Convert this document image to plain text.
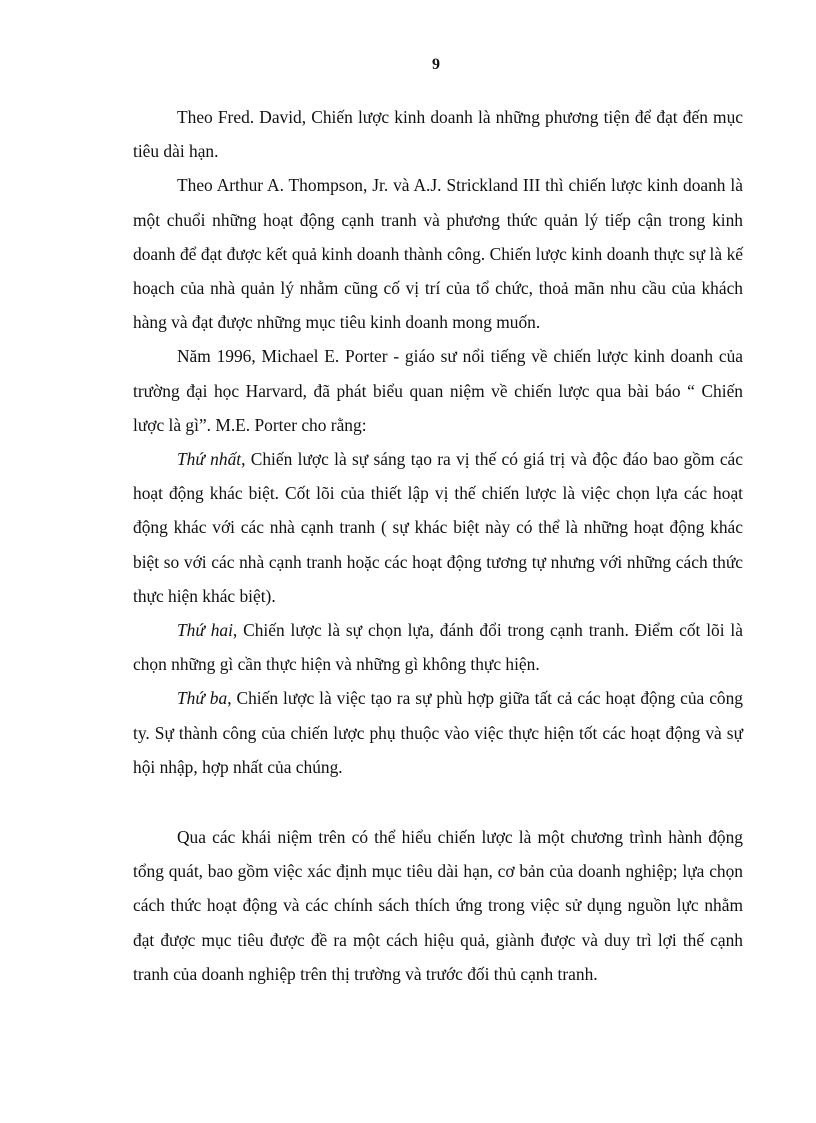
9

Theo Fred. David, Chiến lược kinh doanh là những phương tiện để đạt đến mục tiêu dài hạn.

Theo Arthur A. Thompson, Jr. và A.J. Strickland III thì chiến lược kinh doanh là một chuổi những hoạt động cạnh tranh và phương thức quản lý tiếp cận trong kinh doanh để đạt được kết quả kinh doanh thành công. Chiến lược kinh doanh thực sự là kế hoạch của nhà quản lý nhằm cũng cố vị trí của tổ chức, thoả mãn nhu cầu của khách hàng và đạt được những mục tiêu kinh doanh mong muốn.

Năm 1996, Michael E. Porter - giáo sư nổi tiếng về chiến lược kinh doanh của trường đại học Harvard, đã phát biểu quan niệm về chiến lược qua bài báo “ Chiến lược là gì”. M.E. Porter cho rằng:

Thứ nhất, Chiến lược là sự sáng tạo ra vị thế có giá trị và độc đáo bao gồm các hoạt động khác biệt. Cốt lõi của thiết lập vị thế chiến lược là việc chọn lựa các hoạt động khác với các nhà cạnh tranh ( sự khác biệt này có thể là những hoạt động khác biệt so với các nhà cạnh tranh hoặc các hoạt động tương tự nhưng với những cách thức thực hiện khác biệt).

Thứ hai, Chiến lược là sự chọn lựa, đánh đổi trong cạnh tranh. Điểm cốt lõi là chọn những gì cần thực hiện và những gì không thực hiện.

Thứ ba, Chiến lược là việc tạo ra sự phù hợp giữa tất cả các hoạt động của công ty. Sự thành công của chiến lược phụ thuộc vào việc thực hiện tốt các hoạt động và sự hội nhập, hợp nhất của chúng.

Qua các khái niệm trên có thể hiểu chiến lược là một chương trình hành động tổng quát, bao gồm việc xác định mục tiêu dài hạn, cơ bản của doanh nghiệp; lựa chọn cách thức hoạt động và các chính sách thích ứng trong việc sử dụng nguồn lực nhằm đạt được mục tiêu được đề ra một cách hiệu quả, giành được và duy trì lợi thế cạnh tranh của doanh nghiệp trên thị trường và trước đối thủ cạnh tranh.
